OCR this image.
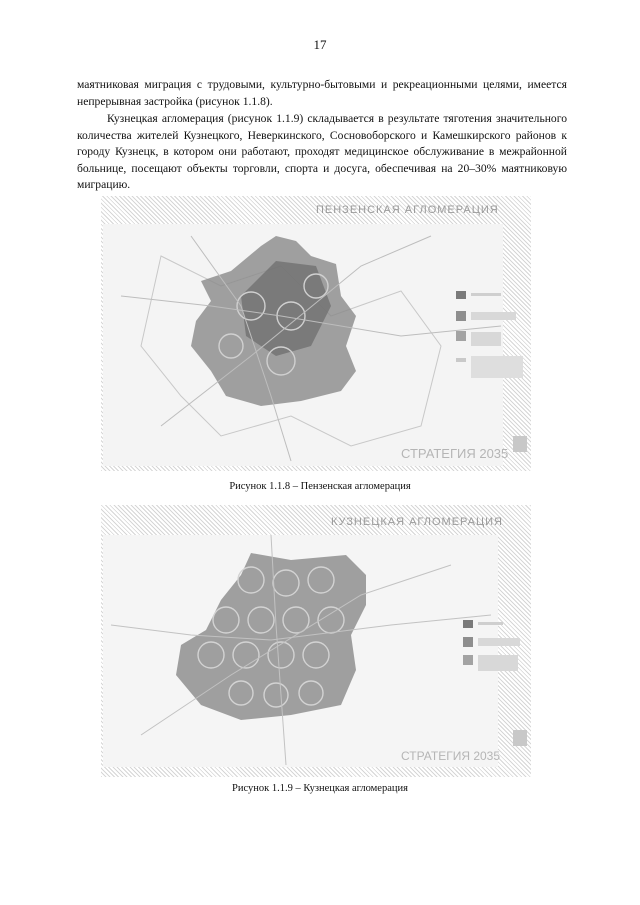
17

маятниковая миграция с трудовыми, культурно-бытовыми и рекреационными целями, имеется непрерывная застройка (рисунок 1.1.8).

Кузнецкая агломерация (рисунок 1.1.9) складывается в результате тяготения значительного количества жителей Кузнецкого, Неверкинского, Сосновоборского и Камешкирского районов к городу Кузнецк, в котором они работают, проходят медицинское обслуживание в межрайонной больнице, посещают объекты торговли, спорта и досуга, обеспечивая на 20–30% маятниковую миграцию.

ПЕНЗЕНСКАЯ АГЛОМЕРАЦИЯ
СТРАТЕГИЯ 2035
Рисунок 1.1.8 – Пензенская агломерация
КУЗНЕЦКАЯ АГЛОМЕРАЦИЯ
СТРАТЕГИЯ 2035
Рисунок 1.1.9 – Кузнецкая агломерация
